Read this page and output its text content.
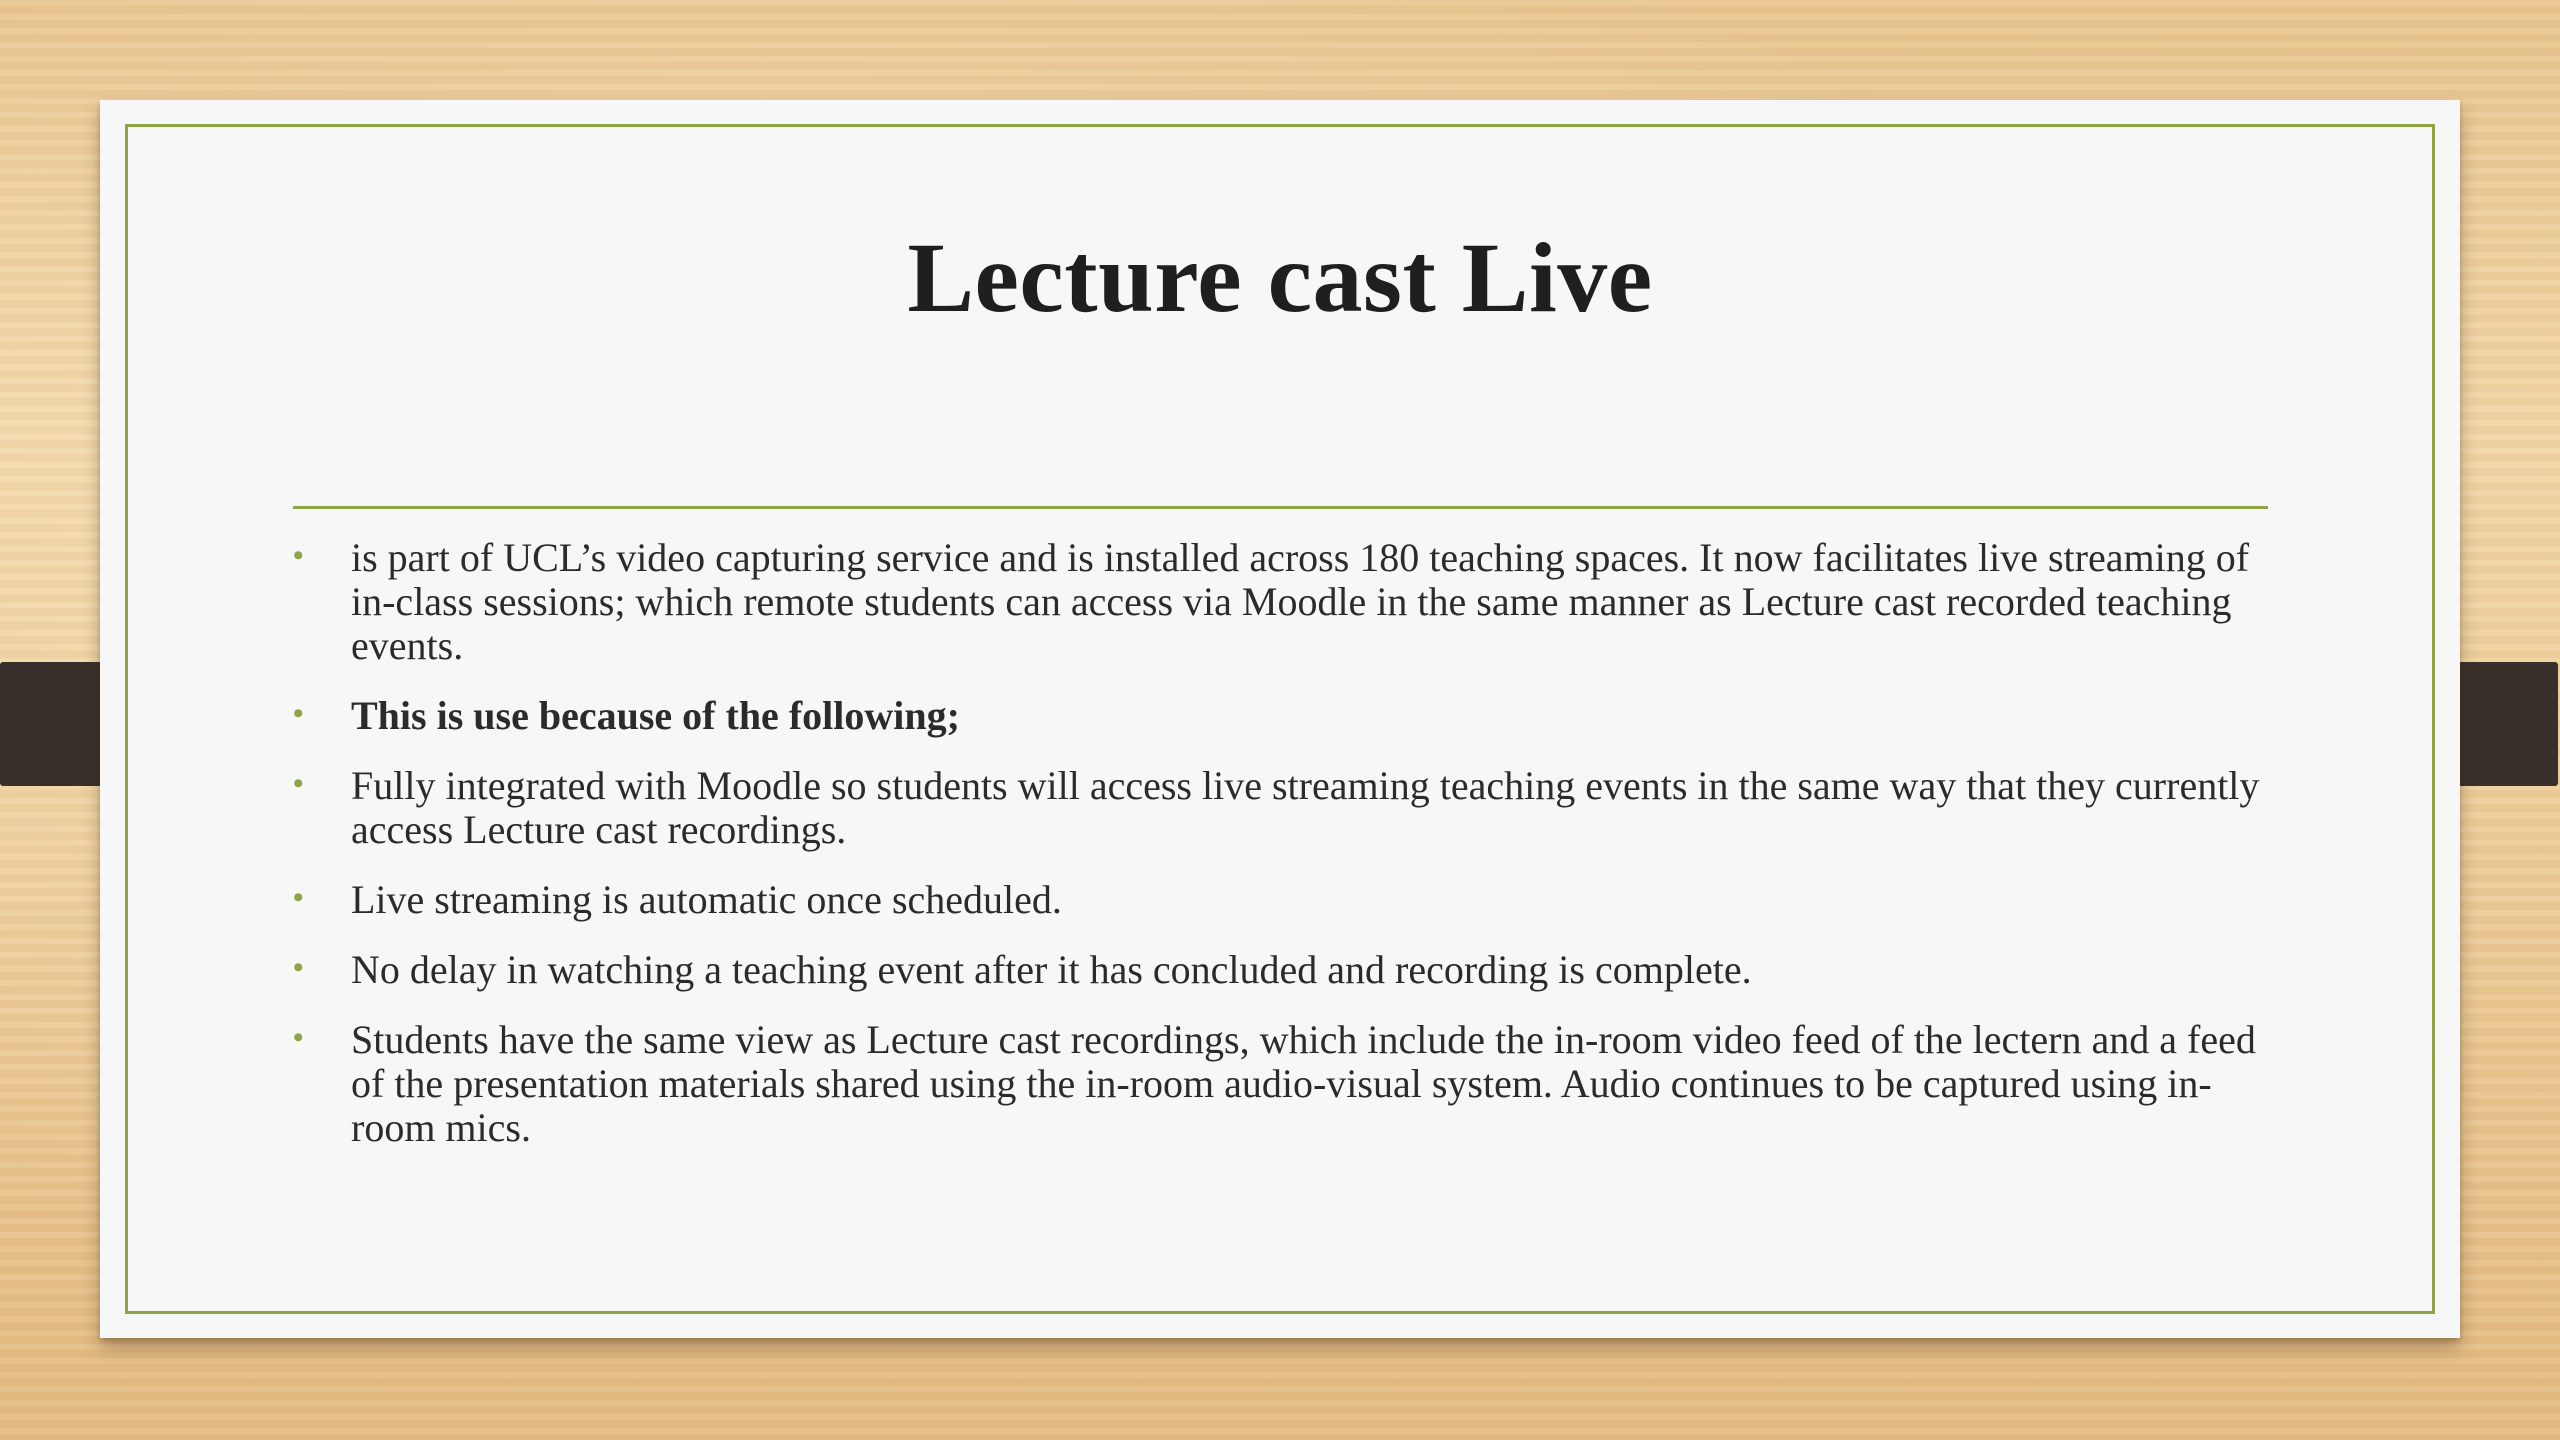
Lecture cast Live
• is part of UCL’s video capturing service and is installed across 180 teaching spaces. It now facilitates live streaming of in-class sessions; which remote students can access via Moodle in the same manner as Lecture cast recorded teaching events.
• This is use because of the following;
• Fully integrated with Moodle so students will access live streaming teaching events in the same way that they currently access Lecture cast recordings.
• Live streaming is automatic once scheduled.
• No delay in watching a teaching event after it has concluded and recording is complete.
• Students have the same view as Lecture cast recordings, which include the in-room video feed of the lectern and a feed of the presentation materials shared using the in-room audio-visual system. Audio continues to be captured using in-room mics.
